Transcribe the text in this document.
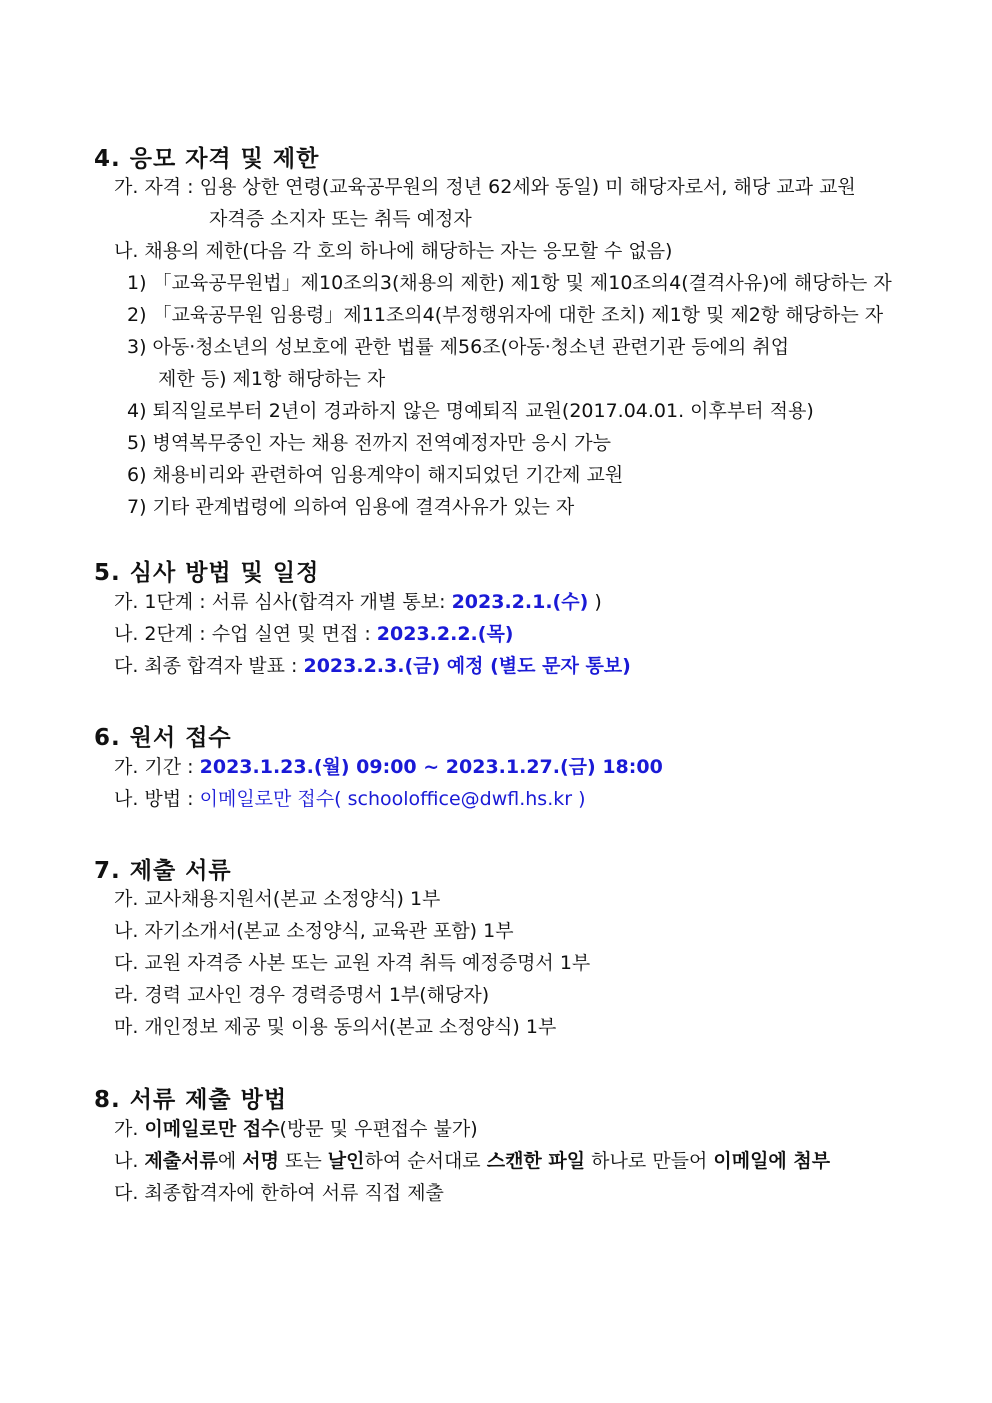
4. 응모 자격 및 제한
가. 자격 : 임용 상한 연령(교육공무원의 정년 62세와 동일) 미 해당자로서, 해당 교과 교원
자격증 소지자 또는 취득 예정자
나. 채용의 제한(다음 각 호의 하나에 해당하는 자는 응모할 수 없음)
1) 「교육공무원법」제10조의3(채용의 제한) 제1항 및 제10조의4(결격사유)에 해당하는 자
2) 「교육공무원 임용령」제11조의4(부정행위자에 대한 조치) 제1항 및 제2항 해당하는 자
3) 아동·청소년의 성보호에 관한 법률 제56조(아동·청소년 관련기관 등에의 취업
제한 등) 제1항 해당하는 자
4) 퇴직일로부터 2년이 경과하지 않은 명예퇴직 교원(2017.04.01. 이후부터 적용)
5) 병역복무중인 자는 채용 전까지 전역예정자만 응시 가능
6) 채용비리와 관련하여 임용계약이 해지되었던 기간제 교원
7) 기타 관계법령에 의하여 임용에 결격사유가 있는 자
5. 심사 방법 및 일정
가. 1단계 : 서류 심사(합격자 개별 통보: 2023.2.1.(수) )
나. 2단계 : 수업 실연 및 면접 : 2023.2.2.(목)
다. 최종 합격자 발표 : 2023.2.3.(금) 예정 (별도 문자 통보)
6. 원서 접수
가. 기간 : 2023.1.23.(월) 09:00 ~ 2023.1.27.(금) 18:00
나. 방법 : 이메일로만 접수( schooloffice@dwfl.hs.kr )
7. 제출 서류
가. 교사채용지원서(본교 소정양식) 1부
나. 자기소개서(본교 소정양식, 교육관 포함) 1부
다. 교원 자격증 사본 또는 교원 자격 취득 예정증명서 1부
라. 경력 교사인 경우 경력증명서 1부(해당자)
마. 개인정보 제공 및 이용 동의서(본교 소정양식) 1부
8. 서류 제출 방법
가. 이메일로만 접수(방문 및 우편접수 불가)
나. 제출서류에 서명 또는 날인하여 순서대로 스캔한 파일 하나로 만들어 이메일에 첨부
다. 최종합격자에 한하여 서류 직접 제출
